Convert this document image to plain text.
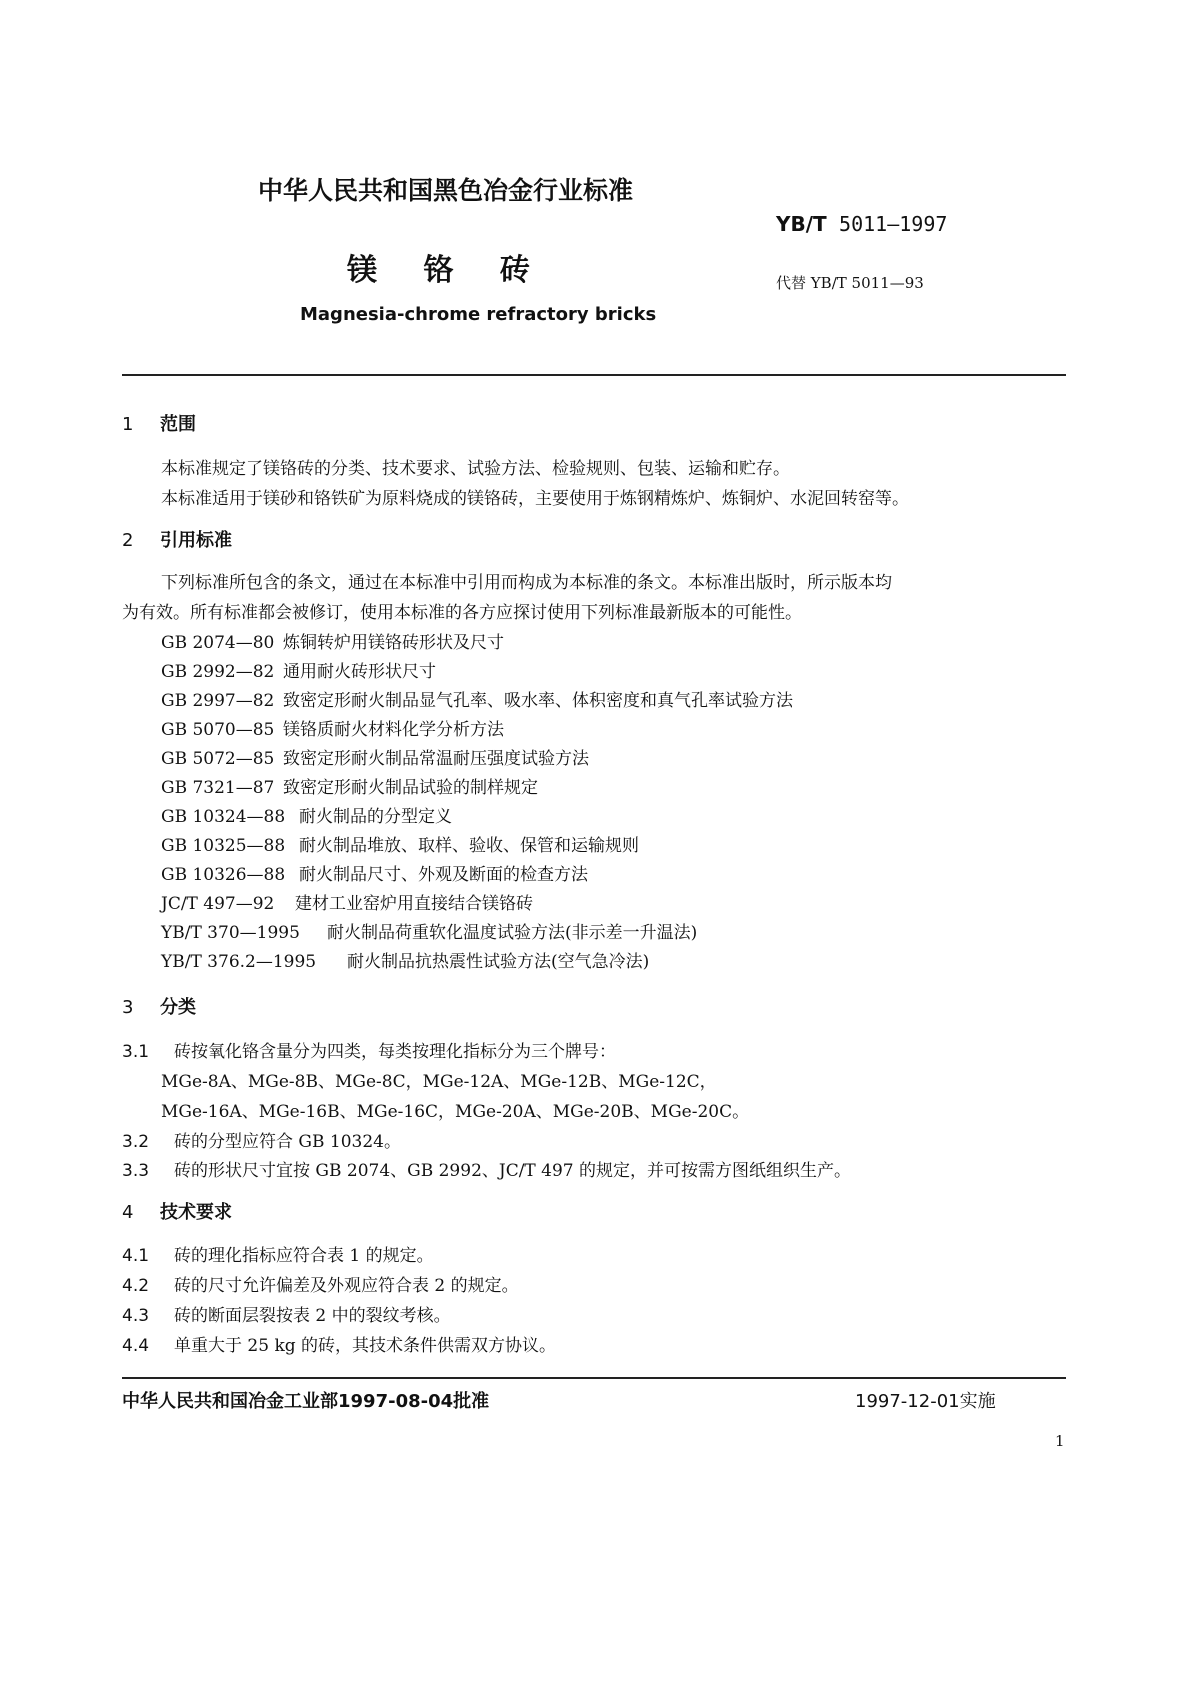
中华人民共和国黑色冶金行业标准
YB/T 5011—1997
镁 铬 砖	代替 YB/T 5011—93
Magnesia-chrome refractory bricks
1 范围
本标准规定了镁铬砖的分类、技术要求、试验方法、检验规则、包装、运输和贮存。
本标准适用于镁砂和铬铁矿为原料烧成的镁铬砖，主要使用于炼钢精炼炉、炼铜炉、水泥回转窑等。
2 引用标准
下列标准所包含的条文，通过在本标准中引用而构成为本标准的条文。本标准出版时，所示版本均
为有效。所有标准都会被修订，使用本标准的各方应探讨使用下列标准最新版本的可能性。
GB 2074—80 炼铜转炉用镁铬砖形状及尺寸
GB 2992—82 通用耐火砖形状尺寸
GB 2997—82 致密定形耐火制品显气孔率、吸水率、体积密度和真气孔率试验方法
GB 5070—85 镁铬质耐火材料化学分析方法
GB 5072—85 致密定形耐火制品常温耐压强度试验方法
GB 7321—87 致密定形耐火制品试验的制样规定
GB 10324—88 耐火制品的分型定义
GB 10325—88 耐火制品堆放、取样、验收、保管和运输规则
GB 10326—88 耐火制品尺寸、外观及断面的检查方法
JC/T 497—92 建材工业窑炉用直接结合镁铬砖
YB/T 370—1995 耐火制品荷重软化温度试验方法(非示差一升温法)
YB/T 376.2—1995 耐火制品抗热震性试验方法(空气急冷法)
3 分类
3.1 砖按氧化铬含量分为四类，每类按理化指标分为三个牌号：
MGe-8A、MGe-8B、MGe-8C，MGe-12A、MGe-12B、MGe-12C，
MGe-16A、MGe-16B、MGe-16C，MGe-20A、MGe-20B、MGe-20C。
3.2 砖的分型应符合 GB 10324。
3.3 砖的形状尺寸宜按 GB 2074、GB 2992、JC/T 497 的规定，并可按需方图纸组织生产。
4 技术要求
4.1 砖的理化指标应符合表 1 的规定。
4.2 砖的尺寸允许偏差及外观应符合表 2 的规定。
4.3 砖的断面层裂按表 2 中的裂纹考核。
4.4 单重大于 25 kg 的砖，其技术条件供需双方协议。
中华人民共和国冶金工业部1997-08-04批准	1997-12-01实施
1
